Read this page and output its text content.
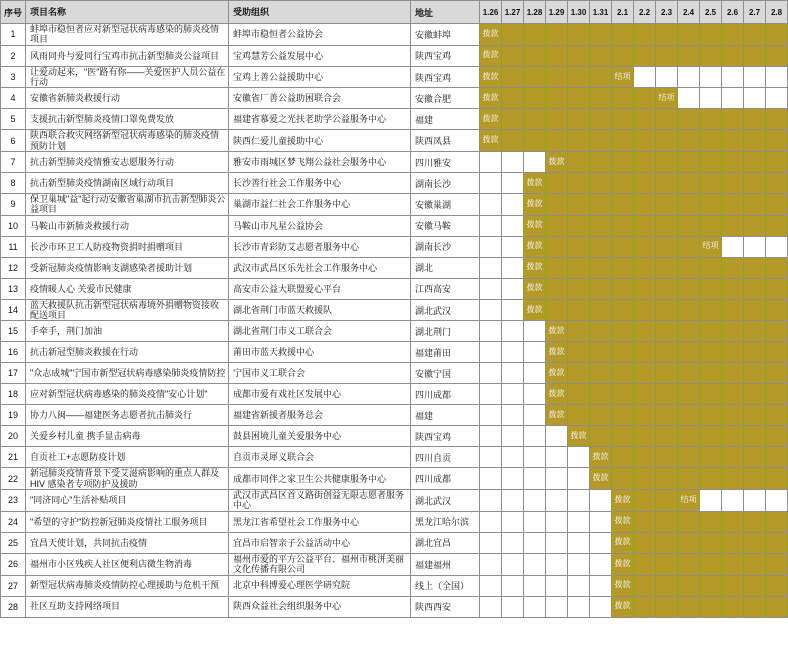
序号	项目名称	受助组织	地址	1.26	1.27	1.28	1.29	1.30	1.31	2.1	2.2	2.3	2.4	2.5	2.6	2.7	2.8
1	蚌埠市稳恒者应对新型冠状病毒感染的肺炎疫情项目	蚌埠市稳恒者公益协会	安徽蚌埠	拨款													

2	风雨同舟与爱同行宝鸡市抗击新型肺炎公益项目	宝鸡慧芳公益发展中心	陕西宝鸡	拨款													

3	让爱动起来，"医"路有你——关爱医护人员公益在行动	宝鸡上善公益援助中心	陕西宝鸡	拨款						结项							

4	安徽省新肺炎救援行动	安徽省厂善公益助困联合会	安徽合肥	拨款								结项					

5	支援抗击新型肺炎疫情口罩免费发放	福建省慕爱之光扶老助学公益服务中心	福建	拨款													

6	陕西联合救灾网络新型冠状病毒感染的肺炎疫情预防计划	陕西仁爱儿童援助中心	陕西凤县	拨款													

7	抗击新型肺炎疫情雅安志愿服务行动	雅安市雨城区梦飞翔公益社会服务中心	四川雅安				拨款										

8	抗击新型肺炎疫情湖南区域行动项目	长沙善行社会工作服务中心	湖南长沙			拨款											

9	保卫巢城"益"起行动安徽省巢湖市抗击新型肺炎公益项目	巢湖市益仁社会工作服务中心	安徽巢湖			拨款											

10	马鞍山市新肺炎救援行动	马鞍山市凡星公益协会	安徽马鞍			拨款											

11	长沙市环卫工人防疫物资捐时捐赠项目	长沙市青彩防艾志愿者服务中心	湖南长沙			拨款								结项			

12	受新冠肺炎疫情影响支湖感染者援助计划	武汉市武昌区乐先社会工作服务中心	湖北			拨款											

13	疫情暖人心 关爱市民健康	高安市公益大联盟爱心平台	江西高安			拨款											

14	蓝天救援队抗击新型冠状病毒境外捐赠物资接收配送项目	湖北省荆门市蓝天救援队	湖北武汉			拨款											

15	手牵手，荆门加油	湖北省荆门市义工联合会	湖北荆门				拨款										

16	抗击新冠型肺炎救援在行动	莆田市蓝天救援中心	福建莆田				拨款										

17	"众志成城"宁国市新型冠状病毒感染肺炎疫情防控	宁国市义工联合会	安徽宁国				拨款										

18	应对新型冠状病毒感染的肺炎疫情"安心计划"	成都市爱有戏社区发展中心	四川成都				拨款										

19	协力八闽——福建医务志愿者抗击肺炎行	福建省新援者服务总会	福建				拨款										

20	关爱乡村儿童 携手显击病毒	鼓县困境儿童关爱服务中心	陕西宝鸡					拨款									

21	自贡社工+志愿防疫计划	自贡市灵犀义联合会	四川自贡						拨款								

22	新冠肺炎疫情背景下受艾滋病影响的重点人群及 HIV 感染者专项防护及援助	成都市同伴之家卫生公共健康服务中心	四川成都						拨款								

23	"同济同心"生活补贴项目	武汉市武昌区首义路街创益无限志愿者服务中心	湖北武汉							拨款			结项				

24	"希望的守护"防控新冠肺炎疫情社工服务项目	黑龙江省希望社会工作服务中心	黑龙江哈尔滨							拨款							

25	宜昌天使计划，共同抗击疫情	宜昌市启智亲子公益活动中心	湖北宜昌							拨款							

26	福州市小区残疾人社区便利店微生物消毒	福州市爱的平方公益平台、福州市桃洴美丽文化传播有限公司	福建福州							拨款							

27	新型冠状病毒肺炎疫情防控心理援助与危机干预	北京中科博爱心理医学研究院	线上（全国）							拨款							

28	社区互助支持网络项目	陕西众益社会组织服务中心	陕西西安							拨款							
